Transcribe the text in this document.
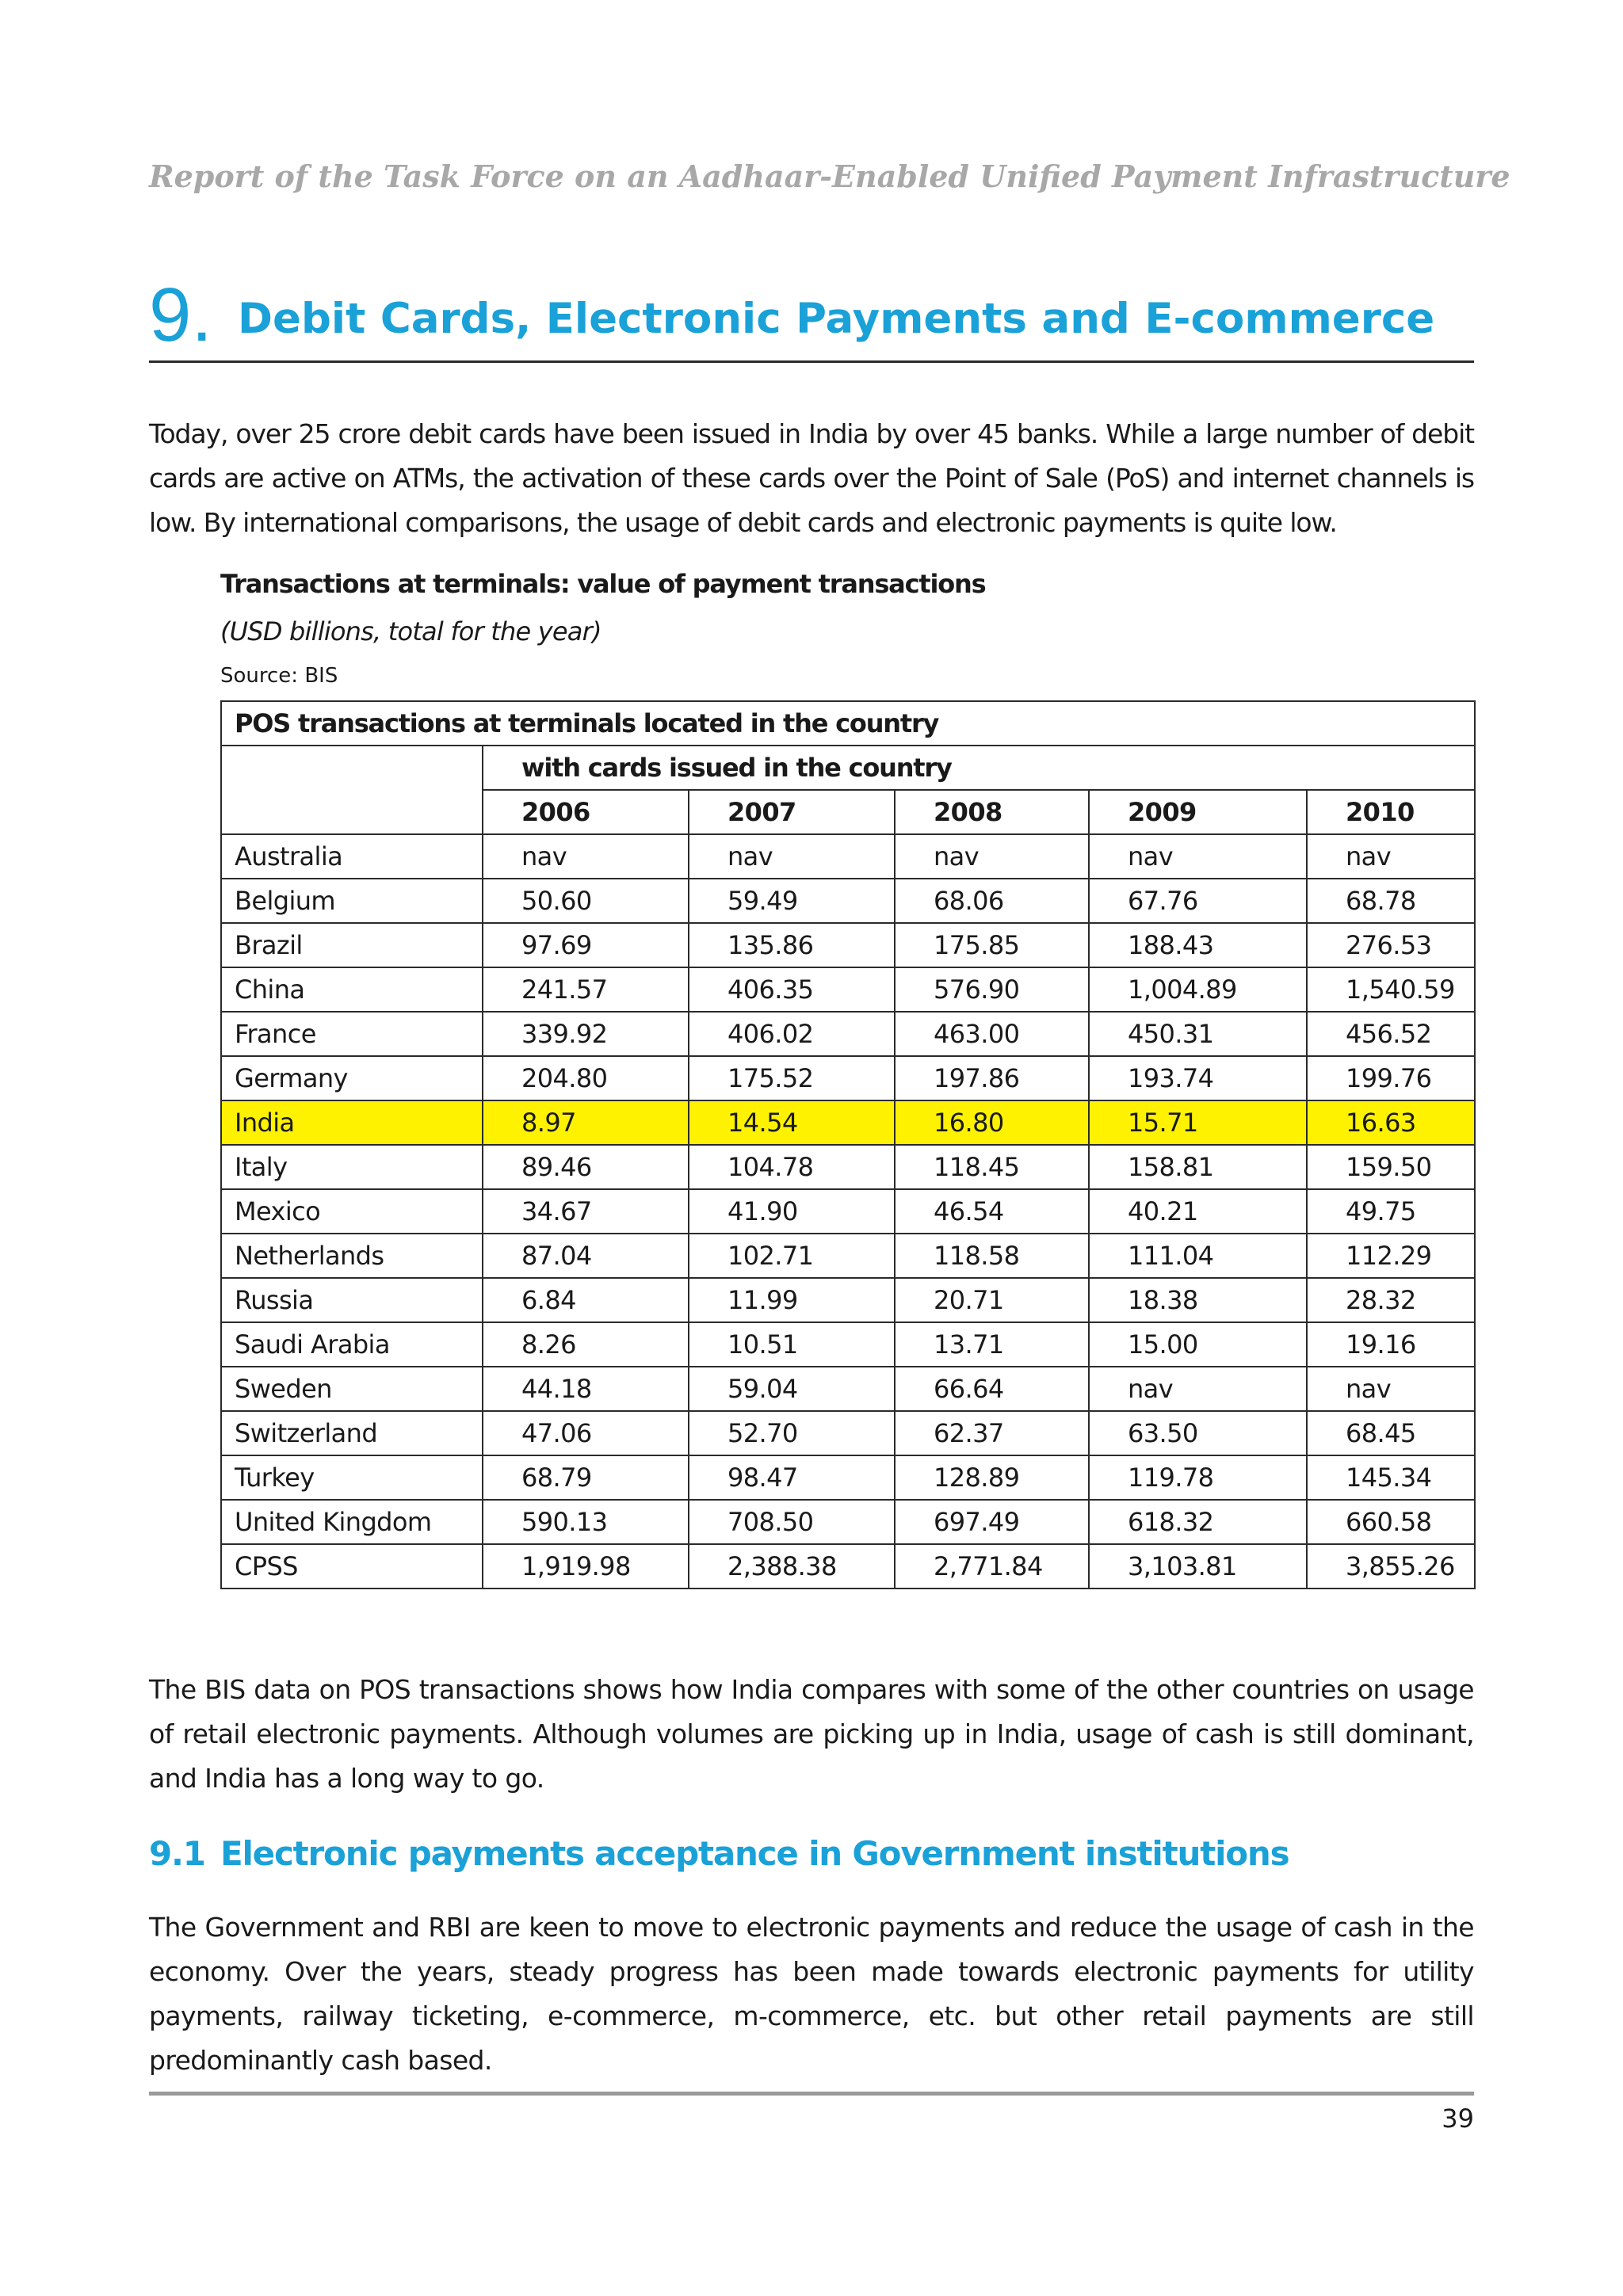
Report of the Task Force on an Aadhaar-Enabled Unified Payment Infrastructure
9. Debit Cards, Electronic Payments and E-commerce

Today, over 25 crore debit cards have been issued in India by over 45 banks. While a large number of debit cards are active on ATMs, the activation of these cards over the Point of Sale (PoS) and internet channels is low. By international comparisons, the usage of debit cards and electronic payments is quite low.

Transactions at terminals: value of payment transactions
(USD billions, total for the year)
Source: BIS
POS transactions at terminals located in the country					
	with cards issued in the country				
	2006	2007	2008	2009	2010
Australia	nav	nav	nav	nav	nav
Belgium	50.60	59.49	68.06	67.76	68.78
Brazil	97.69	135.86	175.85	188.43	276.53
China	241.57	406.35	576.90	1,004.89	1,540.59
France	339.92	406.02	463.00	450.31	456.52
Germany	204.80	175.52	197.86	193.74	199.76
India	8.97	14.54	16.80	15.71	16.63
Italy	89.46	104.78	118.45	158.81	159.50
Mexico	34.67	41.90	46.54	40.21	49.75
Netherlands	87.04	102.71	118.58	111.04	112.29
Russia	6.84	11.99	20.71	18.38	28.32
Saudi Arabia	8.26	10.51	13.71	15.00	19.16
Sweden	44.18	59.04	66.64	nav	nav
Switzerland	47.06	52.70	62.37	63.50	68.45
Turkey	68.79	98.47	128.89	119.78	145.34
United Kingdom	590.13	708.50	697.49	618.32	660.58
CPSS	1,919.98	2,388.38	2,771.84	3,103.81	3,855.26

The BIS data on POS transactions shows how India compares with some of the other countries on usage of retail electronic payments. Although volumes are picking up in India, usage of cash is still dominant, and India has a long way to go.

9.1 Electronic payments acceptance in Government institutions

The Government and RBI are keen to move to electronic payments and reduce the usage of cash in the economy. Over the years, steady progress has been made towards electronic payments for utility payments, railway ticketing, e-commerce, m-commerce, etc. but other retail payments are still predominantly cash based.

39
